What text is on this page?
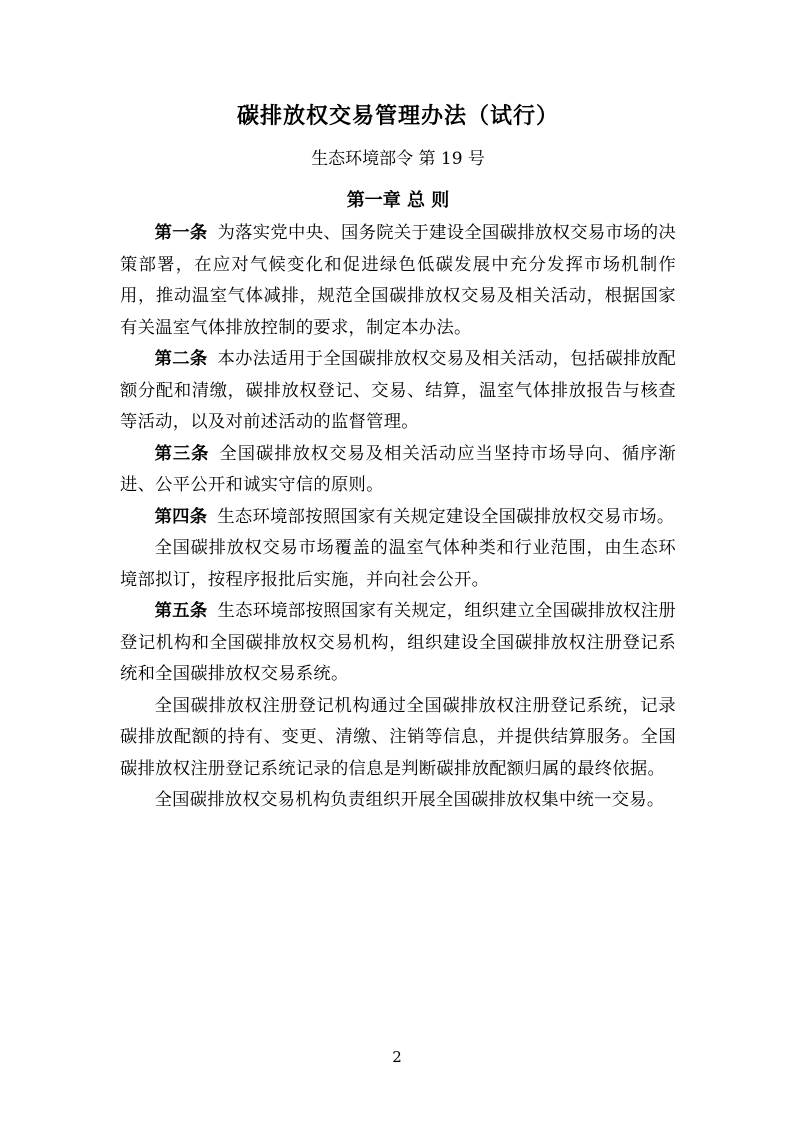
碳排放权交易管理办法（试行）
生态环境部令 第 19 号
第一章 总 则

第一条 为落实党中央、国务院关于建设全国碳排放权交易市场的决策部署，在应对气候变化和促进绿色低碳发展中充分发挥市场机制作用，推动温室气体减排，规范全国碳排放权交易及相关活动，根据国家有关温室气体排放控制的要求，制定本办法。

第二条 本办法适用于全国碳排放权交易及相关活动，包括碳排放配额分配和清缴，碳排放权登记、交易、结算，温室气体排放报告与核查等活动，以及对前述活动的监督管理。

第三条 全国碳排放权交易及相关活动应当坚持市场导向、循序渐进、公平公开和诚实守信的原则。

第四条 生态环境部按照国家有关规定建设全国碳排放权交易市场。

全国碳排放权交易市场覆盖的温室气体种类和行业范围，由生态环境部拟订，按程序报批后实施，并向社会公开。

第五条 生态环境部按照国家有关规定，组织建立全国碳排放权注册登记机构和全国碳排放权交易机构，组织建设全国碳排放权注册登记系统和全国碳排放权交易系统。

全国碳排放权注册登记机构通过全国碳排放权注册登记系统，记录碳排放配额的持有、变更、清缴、注销等信息，并提供结算服务。全国碳排放权注册登记系统记录的信息是判断碳排放配额归属的最终依据。

全国碳排放权交易机构负责组织开展全国碳排放权集中统一交易。

2
